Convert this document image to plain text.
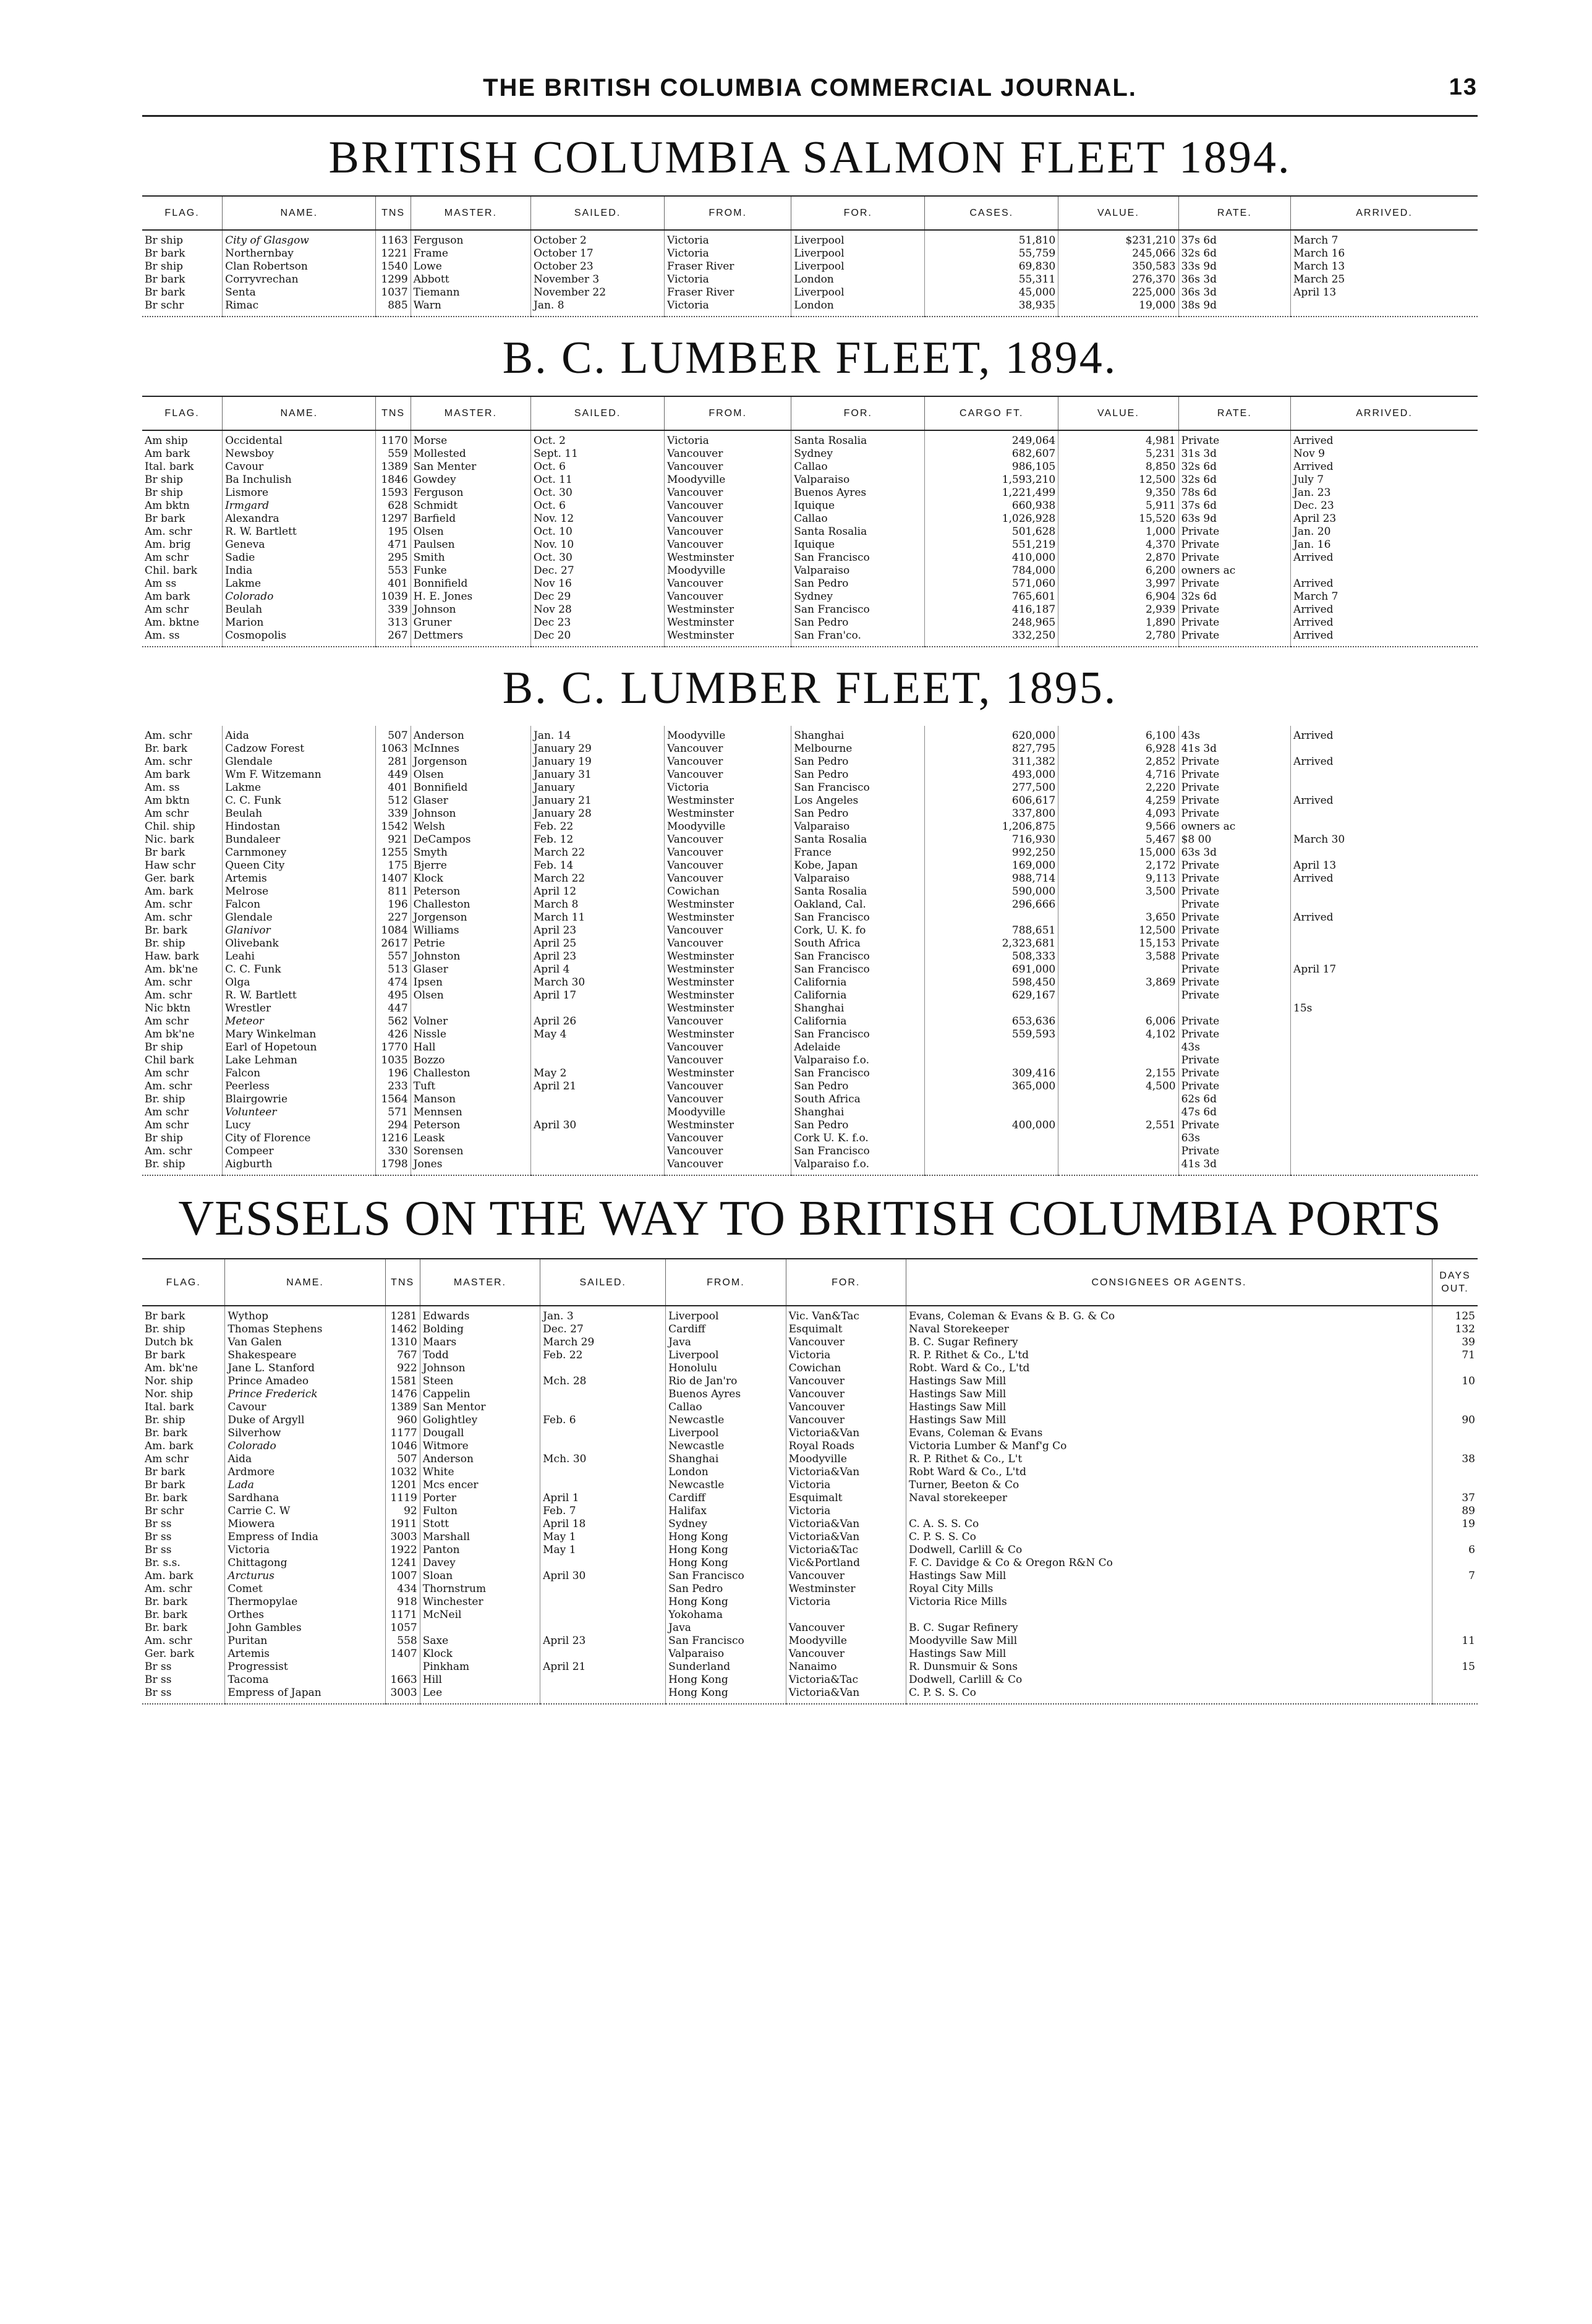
THE BRITISH COLUMBIA COMMERCIAL JOURNAL.	13
BRITISH COLUMBIA SALMON FLEET 1894.
FLAG.	NAME.	TNS	MASTER.	SAILED.	FROM.	FOR.	CASES.	VALUE.	RATE.	ARRIVED.
Br ship	City of Glasgow	1163	Ferguson	October 2	Victoria	Liverpool	51,810	$231,210	37s 6d	March 7
Br bark	Northernbay	1221	Frame	October 17	Victoria	Liverpool	55,759	245,066	32s 6d	March 16
Br ship	Clan Robertson	1540	Lowe	October 23	Fraser River	Liverpool	69,830	350,583	33s 9d	March 13
Br bark	Corryvrechan	1299	Abbott	November 3	Victoria	London	55,311	276,370	36s 3d	March 25
Br bark	Senta	1037	Tiemann	November 22	Fraser River	Liverpool	45,000	225,000	36s 3d	April 13
Br schr	Rimac	885	Warn	Jan. 8	Victoria	London	38,935	19,000	38s 9d	
B. C. LUMBER FLEET, 1894.
FLAG.	NAME.	TNS	MASTER.	SAILED.	FROM.	FOR.	CARGO FT.	VALUE.	RATE.	ARRIVED.
Am ship	Occidental	1170	Morse	Oct. 2	Victoria	Santa Rosalia	249,064	4,981	Private	Arrived
Am bark	Newsboy	559	Mollested	Sept. 11	Vancouver	Sydney	682,607	5,231	31s 3d	Nov 9
Ital. bark	Cavour	1389	San Menter	Oct. 6	Vancouver	Callao	986,105	8,850	32s 6d	Arrived
Br ship	Ba Inchulish	1846	Gowdey	Oct. 11	Moodyville	Valparaiso	1,593,210	12,500	32s 6d	July 7
Br ship	Lismore	1593	Ferguson	Oct. 30	Vancouver	Buenos Ayres	1,221,499	9,350	78s 6d	Jan. 23
Am bktn	Irmgard	628	Schmidt	Oct. 6	Vancouver	Iquique	660,938	5,911	37s 6d	Dec. 23
Br bark	Alexandra	1297	Barfield	Nov. 12	Vancouver	Callao	1,026,928	15,520	63s 9d	April 23
Am. schr	R. W. Bartlett	195	Olsen	Oct. 10	Vancouver	Santa Rosalia	501,628	1,000	Private	Jan. 20
Am. brig	Geneva	471	Paulsen	Nov. 10	Vancouver	Iquique	551,219	4,370	Private	Jan. 16
Am schr	Sadie	295	Smith	Oct. 30	Westminster	San Francisco	410,000	2,870	Private	Arrived
Chil. bark	India	553	Funke	Dec. 27	Moodyville	Valparaiso	784,000	6,200	owners ac	
Am ss	Lakme	401	Bonnifield	Nov 16	Vancouver	San Pedro	571,060	3,997	Private	Arrived
Am bark	Colorado	1039	H. E. Jones	Dec 29	Vancouver	Sydney	765,601	6,904	32s 6d	March 7
Am schr	Beulah	339	Johnson	Nov 28	Westminster	San Francisco	416,187	2,939	Private	Arrived
Am. bktne	Marion	313	Gruner	Dec 23	Westminster	San Pedro	248,965	1,890	Private	Arrived
Am. ss	Cosmopolis	267	Dettmers	Dec 20	Westminster	San Fran'co.	332,250	2,780	Private	Arrived
B. C. LUMBER FLEET, 1895.
Am. schr	Aida	507	Anderson	Jan. 14	Moodyville	Shanghai	620,000	6,100	43s	Arrived
Br. bark	Cadzow Forest	1063	McInnes	January 29	Vancouver	Melbourne	827,795	6,928	41s 3d	
Am. schr	Glendale	281	Jorgenson	January 19	Vancouver	San Pedro	311,382	2,852	Private	Arrived
Am bark	Wm F. Witzemann	449	Olsen	January 31	Vancouver	San Pedro	493,000	4,716	Private	
Am. ss	Lakme	401	Bonnifield	January	Victoria	San Francisco	277,500	2,220	Private	
Am bktn	C. C. Funk	512	Glaser	January 21	Westminster	Los Angeles	606,617	4,259	Private	Arrived
Am schr	Beulah	339	Johnson	January 28	Westminster	San Pedro	337,800	4,093	Private	
Chil. ship	Hindostan	1542	Welsh	Feb. 22	Moodyville	Valparaiso	1,206,875	9,566	owners ac	
Nic. bark	Bundaleer	921	DeCampos	Feb. 12	Vancouver	Santa Rosalia	716,930	5,467	$8 00	March 30
Br bark	Carnmoney	1255	Smyth	March 22	Vancouver	France	992,250	15,000	63s 3d	
Haw schr	Queen City	175	Bjerre	Feb. 14	Vancouver	Kobe, Japan	169,000	2,172	Private	April 13
Ger. bark	Artemis	1407	Klock	March 22	Vancouver	Valparaiso	988,714	9,113	Private	Arrived
Am. bark	Melrose	811	Peterson	April 12	Cowichan	Santa Rosalia	590,000	3,500	Private	
Am. schr	Falcon	196	Challeston	March 8	Westminster	Oakland, Cal.	296,666		Private	
Am. schr	Glendale	227	Jorgenson	March 11	Westminster	San Francisco		3,650	Private	Arrived
Br. bark	Glanivor	1084	Williams	April 23	Vancouver	Cork, U. K. fo	788,651	12,500	Private	
Br. ship	Olivebank	2617	Petrie	April 25	Vancouver	South Africa	2,323,681	15,153	Private	
Haw. bark	Leahi	557	Johnston	April 23	Westminster	San Francisco	508,333	3,588	Private	
Am. bk'ne	C. C. Funk	513	Glaser	April 4	Westminster	San Francisco	691,000		Private	April 17
Am. schr	Olga	474	Ipsen	March 30	Westminster	California	598,450	3,869	Private	
Am. schr	R. W. Bartlett	495	Olsen	April 17	Westminster	California	629,167		Private	
Nic bktn	Wrestler	447			Westminster	Shanghai				15s
Am schr	Meteor	562	Volner	April 26	Vancouver	California	653,636	6,006	Private	
Am bk'ne	Mary Winkelman	426	Nissle	May 4	Westminster	San Francisco	559,593	4,102	Private	
Br ship	Earl of Hopetoun	1770	Hall		Vancouver	Adelaide			43s	
Chil bark	Lake Lehman	1035	Bozzo		Vancouver	Valparaiso f.o.			Private	
Am schr	Falcon	196	Challeston	May 2	Westminster	San Francisco	309,416	2,155	Private	
Am. schr	Peerless	233	Tuft	April 21	Vancouver	San Pedro	365,000	4,500	Private	
Br. ship	Blairgowrie	1564	Manson		Vancouver	South Africa			62s 6d	
Am schr	Volunteer	571	Mennsen		Moodyville	Shanghai			47s 6d	
Am schr	Lucy	294	Peterson	April 30	Westminster	San Pedro	400,000	2,551	Private	
Br ship	City of Florence	1216	Leask		Vancouver	Cork U. K. f.o.			63s	
Am. schr	Compeer	330	Sorensen		Vancouver	San Francisco			Private	
Br. ship	Aigburth	1798	Jones		Vancouver	Valparaiso f.o.			41s 3d	
VESSELS ON THE WAY TO BRITISH COLUMBIA PORTS
FLAG.	NAME.	TNS	MASTER.	SAILED.	FROM.	FOR.	CONSIGNEES OR AGENTS.	DAYS OUT.
Br bark	Wythop	1281	Edwards	Jan. 3	Liverpool	Vic. Van&Tac	Evans, Coleman & Evans & B. G. & Co	125
Br. ship	Thomas Stephens	1462	Bolding	Dec. 27	Cardiff	Esquimalt	Naval Storekeeper	132
Dutch bk	Van Galen	1310	Maars	March 29	Java	Vancouver	B. C. Sugar Refinery	39
Br bark	Shakespeare	767	Todd	Feb. 22	Liverpool	Victoria	R. P. Rithet & Co., L'td	71
Am. bk'ne	Jane L. Stanford	922	Johnson		Honolulu	Cowichan	Robt. Ward & Co., L'td	
Nor. ship	Prince Amadeo	1581	Steen	Mch. 28	Rio de Jan'ro	Vancouver	Hastings Saw Mill	10
Nor. ship	Prince Frederick	1476	Cappelin		Buenos Ayres	Vancouver	Hastings Saw Mill	
Ital. bark	Cavour	1389	San Mentor		Callao	Vancouver	Hastings Saw Mill	
Br. ship	Duke of Argyll	960	Golightley	Feb. 6	Newcastle	Vancouver	Hastings Saw Mill	90
Br. bark	Silverhow	1177	Dougall		Liverpool	Victoria&Van	Evans, Coleman & Evans	
Am. bark	Colorado	1046	Witmore		Newcastle	Royal Roads	Victoria Lumber & Manf'g Co	
Am schr	Aida	507	Anderson	Mch. 30	Shanghai	Moodyville	R. P. Rithet & Co., L't	38
Br bark	Ardmore	1032	White		London	Victoria&Van	Robt Ward & Co., L'td	
Br bark	Lada	1201	Mcs encer		Newcastle	Victoria	Turner, Beeton & Co	
Br. bark	Sardhana	1119	Porter	April 1	Cardiff	Esquimalt	Naval storekeeper	37
Br schr	Carrie C. W	92	Fulton	Feb. 7	Halifax	Victoria		89
Br ss	Miowera	1911	Stott	April 18	Sydney	Victoria&Van	C. A. S. S. Co	19
Br ss	Empress of India	3003	Marshall	May 1	Hong Kong	Victoria&Van	C. P. S. S. Co	
Br ss	Victoria	1922	Panton	May 1	Hong Kong	Victoria&Tac	Dodwell, Carlill & Co	6
Br. s.s.	Chittagong	1241	Davey		Hong Kong	Vic&Portland	F. C. Davidge & Co & Oregon R&N Co	
Am. bark	Arcturus	1007	Sloan	April 30	San Francisco	Vancouver	Hastings Saw Mill	7
Am. schr	Comet	434	Thornstrum		San Pedro	Westminster	Royal City Mills	
Br. bark	Thermopylae	918	Winchester		Hong Kong	Victoria	Victoria Rice Mills	
Br. bark	Orthes	1171	McNeil		Yokohama			
Br. bark	John Gambles	1057			Java	Vancouver	B. C. Sugar Refinery	
Am. schr	Puritan	558	Saxe	April 23	San Francisco	Moodyville	Moodyville Saw Mill	11
Ger. bark	Artemis	1407	Klock		Valparaiso	Vancouver	Hastings Saw Mill	
Br ss	Progressist		Pinkham	April 21	Sunderland	Nanaimo	R. Dunsmuir & Sons	15
Br ss	Tacoma	1663	Hill		Hong Kong	Victoria&Tac	Dodwell, Carlill & Co	
Br ss	Empress of Japan	3003	Lee		Hong Kong	Victoria&Van	C. P. S. S. Co	
